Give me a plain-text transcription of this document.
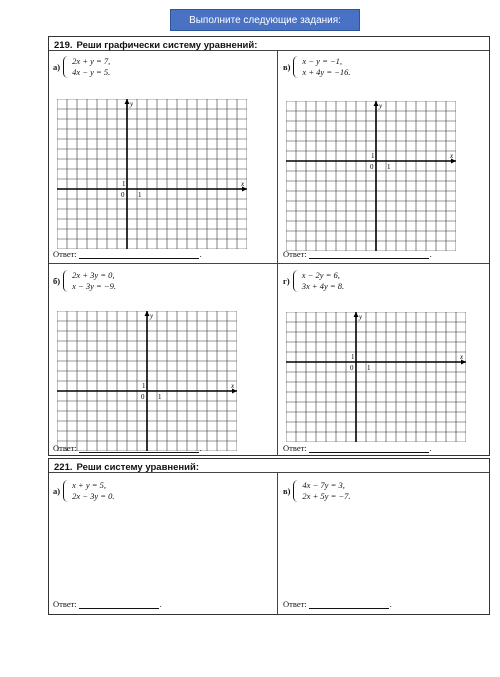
Выполните следующие задания:
219. Реши графически систему уравнений:
а)
2x + y = 7,
4x − y = 5.
x
y
0 1
1
Ответ:	.
в)
x − y = −1,
x + 4y = −16.
x
y
0 1
1
Ответ:	.
б)
2x + 3y = 0,
x − 3y = −9.
x
y
0 1
1
Ответ:	.
г)
x − 2y = 6,
3x + 4y = 8.
x
y
0 1
1
Ответ:	.
221. Реши систему уравнений:
а)
x + y = 5,
2x − 3y = 0.
Ответ:	.
в)
4x − 7y = 3,
2x + 5y = −7.
Ответ:	.
